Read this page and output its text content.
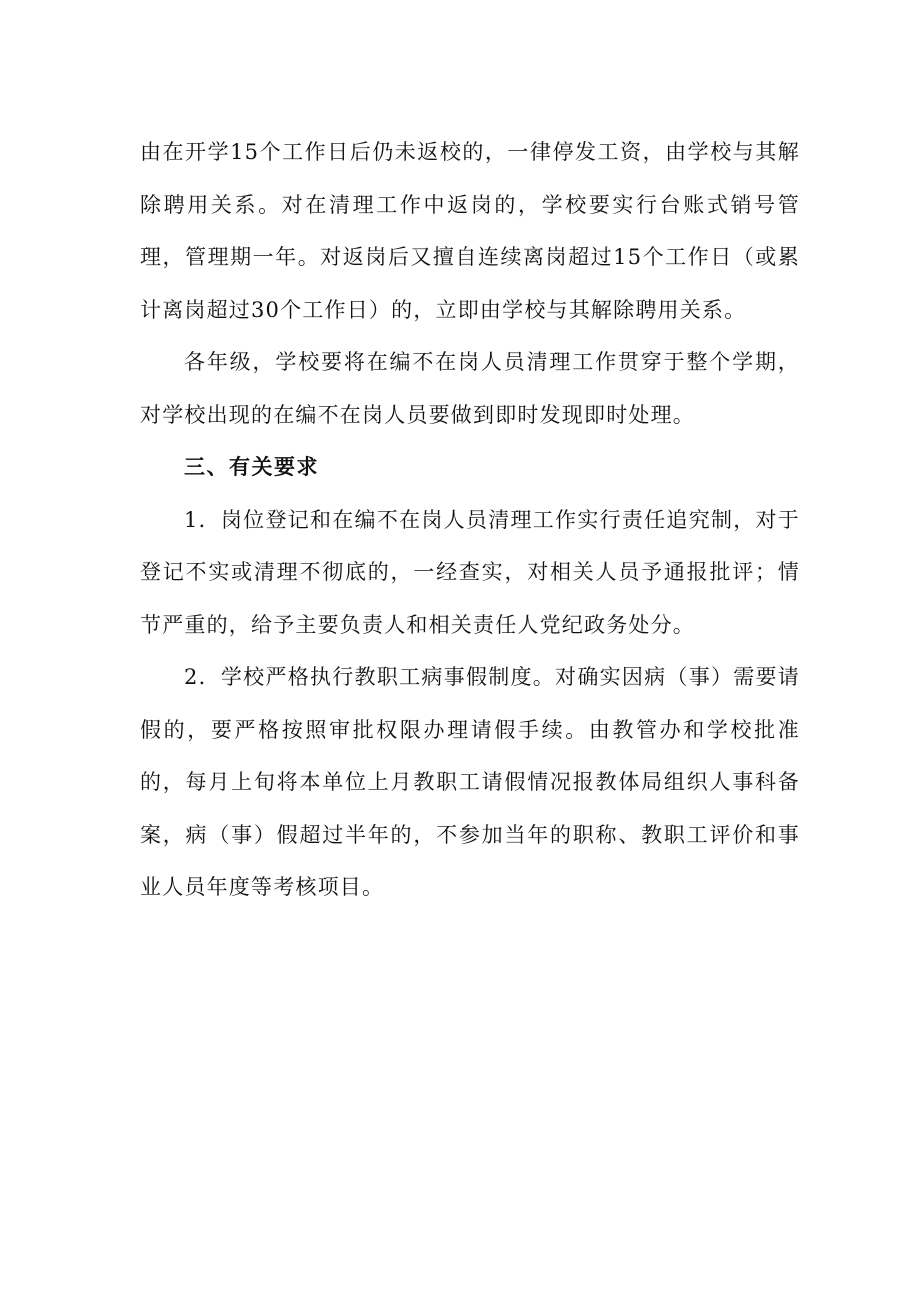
由在开学15个工作日后仍未返校的，一律停发工资，由学校与其解除聘用关系。对在清理工作中返岗的，学校要实行台账式销号管理，管理期一年。对返岗后又擅自连续离岗超过15个工作日（或累计离岗超过30个工作日）的，立即由学校与其解除聘用关系。

各年级，学校要将在编不在岗人员清理工作贯穿于整个学期，对学校出现的在编不在岗人员要做到即时发现即时处理。

三、有关要求

1．岗位登记和在编不在岗人员清理工作实行责任追究制，对于登记不实或清理不彻底的，一经查实，对相关人员予通报批评；情节严重的，给予主要负责人和相关责任人党纪政务处分。

2．学校严格执行教职工病事假制度。对确实因病（事）需要请假的，要严格按照审批权限办理请假手续。由教管办和学校批准的，每月上旬将本单位上月教职工请假情况报教体局组织人事科备案，病（事）假超过半年的，不参加当年的职称、教职工评价和事业人员年度等考核项目。
